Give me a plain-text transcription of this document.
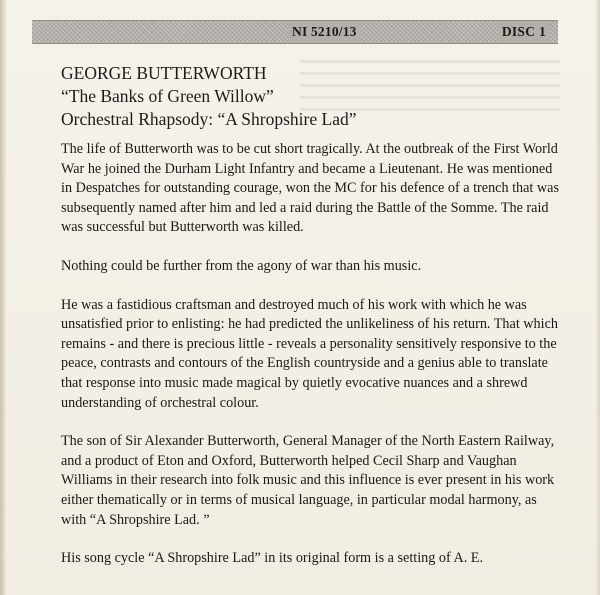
NI 5210/13	DISC 1
GEORGE BUTTERWORTH
“The Banks of Green Willow”
Orchestral Rhapsody: “A Shropshire Lad”

The life of Butterworth was to be cut short tragically. At the outbreak of the First World War he joined the Durham Light Infantry and became a Lieutenant. He was mentioned in Despatches for outstanding courage, won the MC for his defence of a trench that was subsequently named after him and led a raid during the Battle of the Somme. The raid was successful but Butterworth was killed.

Nothing could be further from the agony of war than his music.

He was a fastidious craftsman and destroyed much of his work with which he was unsatisfied prior to enlisting: he had predicted the unlikeliness of his return. That which remains - and there is precious little - reveals a personality sensitively responsive to the peace, contrasts and contours of the English countryside and a genius able to translate that response into music made magical by quietly evocative nuances and a shrewd understanding of orchestral colour.

The son of Sir Alexander Butterworth, General Manager of the North Eastern Railway, and a product of Eton and Oxford, Butterworth helped Cecil Sharp and Vaughan Williams in their research into folk music and this influence is ever present in his work either thematically or in terms of musical language, in particular modal harmony, as with “A Shropshire Lad. ”

His song cycle “A Shropshire Lad” in its original form is a setting of A. E.
